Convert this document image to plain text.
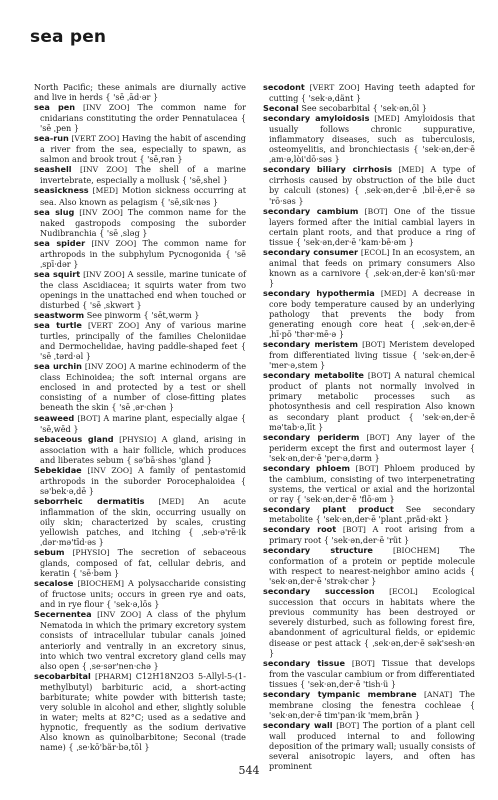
sea pen

North Pacific; these animals are diurnally active and live in herds { 'sē ˌād·ər }

sea pen [INV ZOO] The common name for cnidarians constituting the order Pennatulacea { 'sē ˌpen }

sea-run [VERT ZOO] Having the habit of ascending a river from the sea, especially to spawn, as salmon and brook trout { 'sē,rən }

seashell [INV ZOO] The shell of a marine invertebrate, especially a mollusk { 'sē,shel }

seasickness [MED] Motion sickness occurring at sea. Also known as pelagism { 'sē,sik·nəs }

sea slug [INV ZOO] The common name for the naked gastropods composing the suborder Nudibranchia { 'sē ˌsləg }

sea spider [INV ZOO] The common name for arthropods in the subphylum Pycnogonida { 'sē ˌspī·dər }

sea squirt [INV ZOO] A sessile, marine tunicate of the class Ascidiacea; it squirts water from two openings in the unattached end when touched or disturbed { 'sē ˌskwərt }

seastworm See pinworm { 'sēt,wərm }

sea turtle [VERT ZOO] Any of various marine turtles, principally of the families Cheloniidae and Dermochelidae, having paddle-shaped feet { 'sē ˌtərd·əl }

sea urchin [INV ZOO] A marine echinoderm of the class Echinoidea; the soft internal organs are enclosed in and protected by a test or shell consisting of a number of close-fitting plates beneath the skin { 'sē ˌər·chən }

seaweed [BOT] A marine plant, especially algae { 'sē,wēd }

sebaceous gland [PHYSIO] A gland, arising in association with a hair follicle, which produces and liberates sebum { sə'bā·shəs 'gland }

Sebekidae [INV ZOO] A family of pentastomid arthropods in the suborder Porocephaloidea { sə'bek·ə,dē }

seborrheic dermatitis [MED] An acute inflammation of the skin, occurring usually on oily skin; characterized by scales, crusting yellowish patches, and itching { ˌseb·ə'rē·ik ˌdər·mə'tīd·əs }

sebum [PHYSIO] The secretion of sebaceous glands, composed of fat, cellular debris, and keratin { 'sē·bəm }

secalose [BIOCHEM] A polysaccharide consisting of fructose units; occurs in green rye and oats, and in rye flour { 'sek·ə,lōs }

Secernentea [INV ZOO] A class of the phylum Nematoda in which the primary excretory system consists of intracellular tubular canals joined anteriorly and ventrally in an excretory sinus, into which two ventral excretory gland cells may also open { ˌse·sər'nen·chə }

secobarbital [PHARM] C12H18N2O3 5-Allyl-5-(1-methylbutyl) barbituric acid, a short-acting barbiturate; white powder with bitterish taste; very soluble in alcohol and ether, slightly soluble in water; melts at 82°C; used as a sedative and hypnotic, frequently as the sodium derivative Also known as quinolbarbitone; Seconal (trade name) { ˌse·kō'bär·bə,tōl }

secodont [VERT ZOO] Having teeth adapted for cutting { 'sek·ə,dänt }

Seconal See secobarbital { 'sek·ən,ōl }

secondary amyloidosis [MED] Amyloidosis that usually follows chronic suppurative, inflammatory diseases, such as tuberculosis, osteomyelitis, and bronchiectasis { 'sek·ən,der·ē ˌam·ə,lòi'dō·səs }

secondary biliary cirrhosis [MED] A type of cirrhosis caused by obstruction of the bile duct by calculi (stones) { ˌsek·ən,der·ē ˌbil·ē,er·ē sə 'rō·səs }

secondary cambium [BOT] One of the tissue layers formed after the initial cambial layers in certain plant roots, and that produce a ring of tissue { 'sek·ən,der·ē 'kam·bē·əm }

secondary consumer [ECOL] In an ecosystem, an animal that feeds on primary consumers Also known as a carnivore { ˌsek·ən,der·ē kən'sü·mər }

secondary hypothermia [MED] A decrease in core body temperature caused by an underlying pathology that prevents the body from generating enough core heat { ˌsek·ən,der·ē ˌhī·pō 'thər·mē·ə }

secondary meristem [BOT] Meristem developed from differentiated living tissue { 'sek·ən,der·ē 'mer·ə,stem }

secondary metabolite [BOT] A natural chemical product of plants not normally involved in primary metabolic processes such as photosynthesis and cell respiration Also known as secondary plant product { 'sek·ən,der·ē mə'tab·ə,līt }

secondary periderm [BOT] Any layer of the periderm except the first and outermost layer { 'sek·ən,der·ē 'per·ə,dərm }

secondary phloem [BOT] Phloem produced by the cambium, consisting of two interpenetrating systems, the vertical or axial and the horizontal or ray { 'sek·ən,der·ē 'flō·əm }

secondary plant product See secondary metabolite { 'sek·ən,der·ē 'plant ˌpräd·əkt }

secondary root [BOT] A root arising from a primary root { 'sek·ən,der·ē 'rüt }

secondary structure	[BIOCHEM] The conformation of a protein or peptide molecule with respect to nearest-neighbor amino acids { 'sek·ən,der·ē 'strək·chər }

secondary succession [ECOL] Ecological succession that occurs in habitats where the previous community has been destroyed or severely disturbed, such as following forest fire, abandonment of agricultural fields, or epidemic disease or pest attack { ˌsek·ən,der·ē sək'sesh·ən }

secondary tissue [BOT] Tissue that develops from the vascular cambium or from differentiated tissues { 'sek·ən,der·ē 'tish·ü }

secondary tympanic membrane [ANAT] The membrane closing the fenestra cochleae { 'sek·ən,der·ē tim'pan·ik 'mem,brān }

secondary wall [BOT] The portion of a plant cell wall produced internal to and following deposition of the primary wall; usually consists of several anisotropic layers, and often has prominent

544
